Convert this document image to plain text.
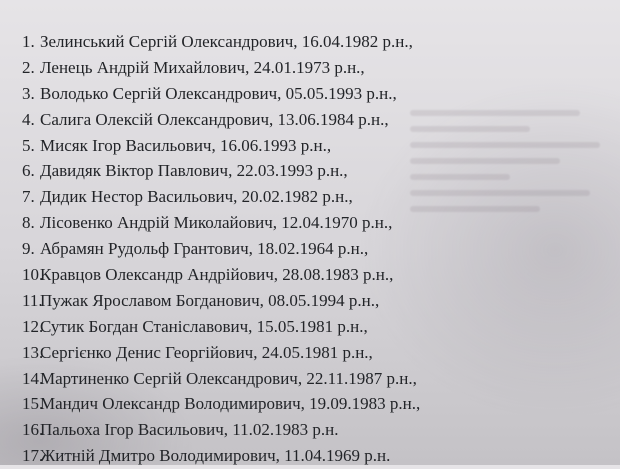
1. Зелинський Сергій Олександрович, 16.04.1982 р.н.,
2. Ленець Андрій Михайлович, 24.01.1973 р.н.,
3. Володько Сергій Олександрович, 05.05.1993 р.н.,
4. Салига Олексій Олександрович, 13.06.1984 р.н.,
5. Мисяк Ігор Васильович, 16.06.1993 р.н.,
6. Давидяк Віктор Павлович, 22.03.1993 р.н.,
7. Дидик Нестор Васильович, 20.02.1982 р.н.,
8. Лісовенко Андрій Миколайович, 12.04.1970 р.н.,
9. Абрамян Рудольф Грантович, 18.02.1964 р.н.,
10.
Кравцов Олександр Андрійович, 28.08.1983 р.н.,
11.
Пужак Ярославом Богданович, 08.05.1994 р.н.,
12.
Сутик Богдан Станіславович, 15.05.1981 р.н.,
13.
Сергієнко Денис Георгійович, 24.05.1981 р.н.,
14.
Мартиненко Сергій Олександрович, 22.11.1987 р.н.,
15.
Мандич Олександр Володимирович, 19.09.1983 р.н.,
16.
Пальоха Ігор Васильович, 11.02.1983 р.н.
17.
Житній Дмитро Володимирович, 11.04.1969 р.н.
